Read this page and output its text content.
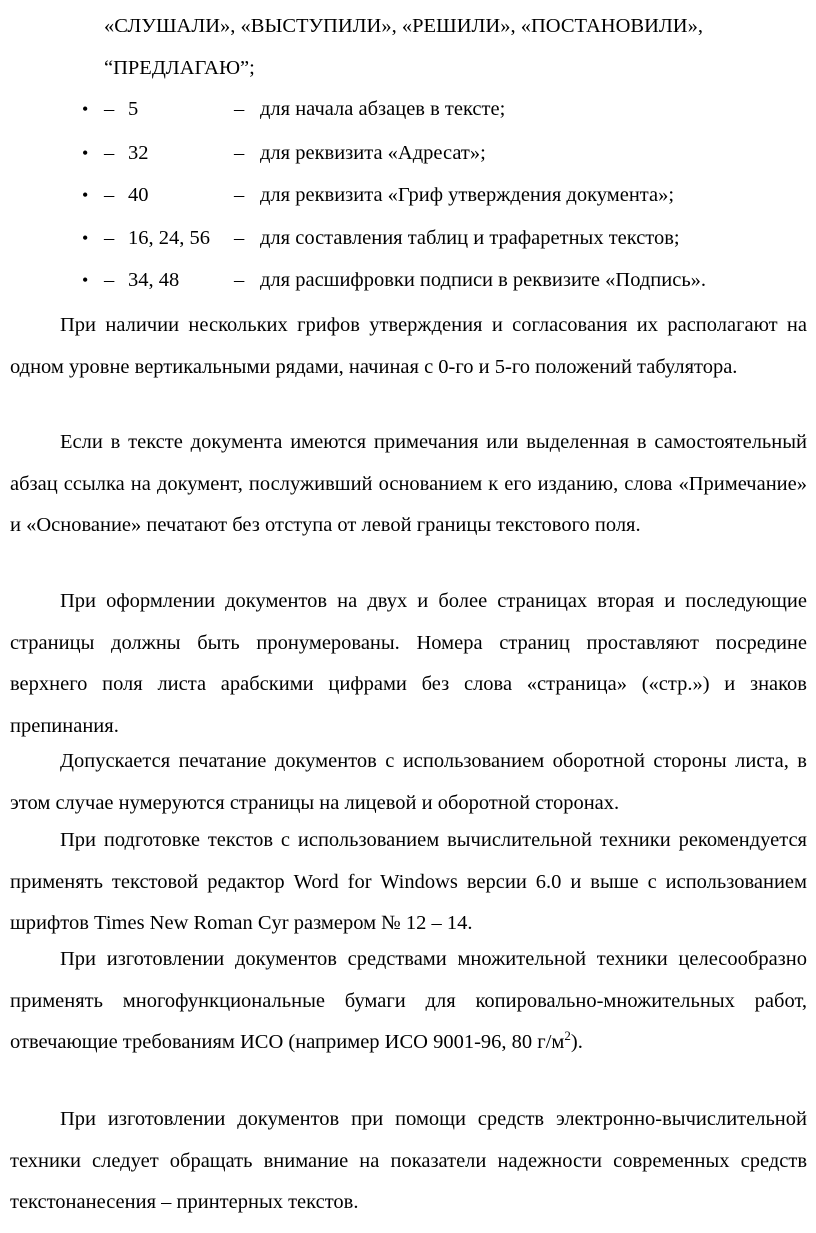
«СЛУШАЛИ», «ВЫСТУПИЛИ», «РЕШИЛИ», «ПОСТАНОВИЛИ»,
“ПРЕДЛАГАЮ”;
• – 5	– для начала абзацев в тексте;
• – 32	– для реквизита «Адресат»;
• – 40	– для реквизита «Гриф утверждения документа»;
• – 16, 24, 56 – для составления таблиц и трафаретных текстов;
• – 34, 48	– для расшифровки подписи в реквизите «Подпись».

При наличии нескольких грифов утверждения и согласования их располагают на одном уровне вертикальными рядами, начиная с 0-го и 5-го положений табулятора.

Если в тексте документа имеются примечания или выделенная в самостоятельный абзац ссылка на документ, послуживший основанием к его изданию, слова «Примечание» и «Основание» печатают без отступа от левой границы текстового поля.

При оформлении документов на двух и более страницах вторая и последующие страницы должны быть пронумерованы. Номера страниц проставляют посредине верхнего поля листа арабскими цифрами без слова «страница» («стр.») и знаков препинания.

Допускается печатание документов с использованием оборотной стороны листа, в этом случае нумеруются страницы на лицевой и оборотной сторонах.

При подготовке текстов с использованием вычислительной техники рекомендуется применять текстовой редактор Word for Windows версии 6.0 и выше с использованием шрифтов Times New Roman Cyr размером № 12 – 14.

При изготовлении документов средствами множительной техники целесообразно применять многофункциональные бумаги для копировально-множительных работ, отвечающие требованиям ИСО (например ИСО 9001-96, 80 $г/м^2$).

При изготовлении документов при помощи средств электронно-вычислительной техники следует обращать внимание на показатели надежности современных средств текстонанесения – принтерных текстов.
